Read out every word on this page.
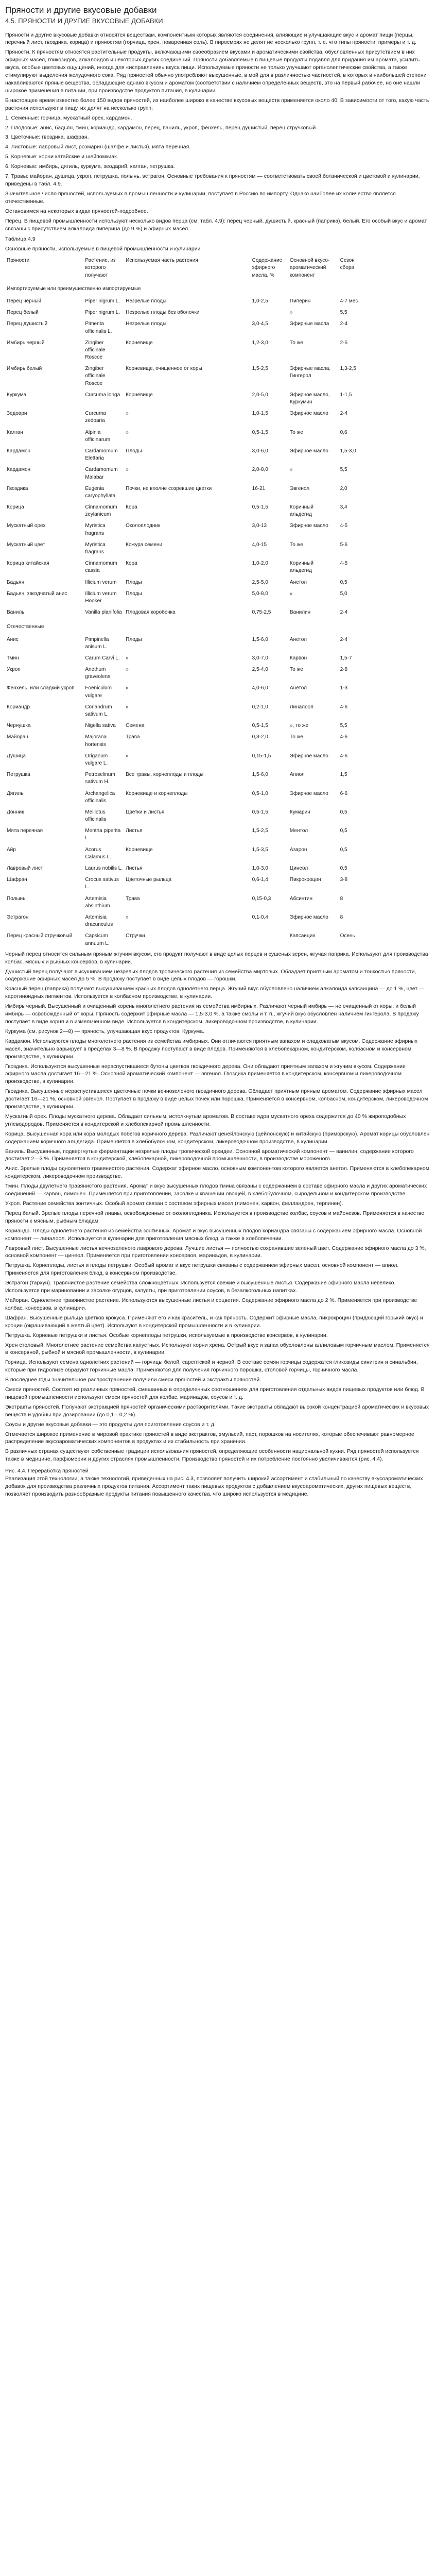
Пряности и другие вкусовые добавки
4.5. ПРЯНОСТИ И ДРУГИЕ ВКУСОВЫЕ ДОБАВКИ

Пряности и другие вкусовые добавки относятся веществам, компонентным которых являются соединения, влияющие и улучшающие вкус и аромат пищи (перцы, перечный лист, гвоздика, корица) и пряностям (горчица, хрен, поваренная соль). В пиросмрях не делят не несколько групп, т. е. что типы пряности, примеры и т. д.

Пряности. К пряностям относятся растительные продукты, включающими своеобразием вкусами и ароматическими свойства, обусловленных присутствием в них эфирных масел, гликозидов, алкалоидов и некоторых других соединений. Пряности добавляемые в пищевые продукты подавля для придания им аромата, усилить вкуса, особые цветовых ощущений, иногда для «исправления» вкуса пищи. Используемые пряности не только улучшают органолептические свойства, а также стимулируют выделения желудочного сока. Ряд пряностей обычно употребляют высушенные, в мой для в различностью частностей, в которых в наибольшей степени накапливаются пряные вещества, обладающие однако вкусом и ароматом (соответствии с наличием определенных веществ, это на первый рабочее, но оне нашли широкое применения в питании, при производстве продуктов питания, в кулинарии.

В настоящее время известно более 150 видов пряностей, из наиболее широко в качестве вкусовых веществ применяется около 40. В зависимости от того, какую часть растения используют в пищу, их делят на несколько групп:

1. Семенные: горчица, мускатный орех, кардамон.

2. Плодовые: анис, бадьян, тмин, кориандр, кардамон, перец, ваниль, укроп, фенхель, перец душистый, перец стручковый.

3. Цветочные: гвоздика, шафран.

4. Листовые: лавровый лист, розмарин (шалфе и листья), мята перечная.

5. Корневые: корни катайские и шейпомкиак.

6. Корневые: имбирь, дягиль, куркума, зеодарий, калган, петрушка.

7. Травы: майоран, душица, укроп, петрушка, полынь, эстрагон. Основные требования к пряностям — соответствовать своей ботанической и цветовой и кулинарии, приведены в табл. 4.9.

Значительное число пряностей, используемых в промышленности и кулинарии, поступает в Россию по импорту. Однако наиболее их количество является отечественные.

Остановимся на некоторых видах пряностей-подробнее.

Перец. В пищевой промышленности используют несколько видов перца (см. табл. 4.9): перец черный, душистый, красный (паприка), белый. Его особый вкус и аромат связаны с присутствием алкалоида пиперина (до 9 %) и эфирных масел.

Таблица 4.9

Основные пряности, используемые в пищевой промышленности и кулинарии

Пряности	Растение, из которого получают	Используемая часть растения	Содержание эфирного масла, %	Основной вкусо-ароматический компонент	Сезон сбора
Импортируемые или преимущественно импортируемые					
Перец черный	Piper nigrum L.	Незрелые плоды	1,0-2,5	Пиперин	4-7 мес
Перец белый	Piper nigrum L.	Незрелые плоды без оболочки		»	5,5
Перец душистый	Pimenta officinalis L.	Незрелые плоды	3,0-4,5	Эфирные масла	2-4
Имбирь черный	Zingiber officinale Roscoe	Корневище	1,2-3,0	То же	2-5
Имбирь белый	Zingiber officinale Roscoe	Корневище, очищенное от коры	1,5-2,5	Эфирные масла, Гингерол	1,3-2,5
Куркума	Curcuma longa	Корневище	2,0-5,0	Эфирное масло, Куркумин	1-1,5
Зедоари	Curcuma zedoaria	»	1,0-1,5	Эфирное масло	2-4
Калган	Alpinia officinarum	»	0,5-1,5	То же	0,6
Кардамон	Cardamomum Elettaria	Плоды	3,0-6,0	Эфирное масло	1,5-3,0
Кардамон	Cardamomum Malabar	»	2,0-8,0	»	5,5
Гвоздика	Eugenia caryophyllata	Почки, не вполне созревшие цветки	16-21	Эвгенол	2,0
Корица	Cinnamomum zeylanicum	Кора	0,5-1,5	Коричный альдегид	3,4
Мускатный орех	Myristica fragrans	Околоплодник	3,0-13	Эфирное масло	4-5
Мускатный цвет	Myristica fragrans	Кожура семени	4,0-15	То же	5-6
Корица китайская	Cinnamomum cassia	Кора	1,0-2,0	Коричный альдегид	4-5
Бадьян	Illicium verum	Плоды	2,5-5,0	Анетол	0,5
Бадьян, звездчатый анис	Illicium verum Hooker	Плоды	5,0-8,0	»	5,0
Ваниль	Vanilla planifolia	Плодовая коробочка	0,75-2,5	Ванилин	2-4
Отечественные					
Анис	Pimpinella anisum L.	Плоды	1,5-6,0	Анетол	2-4
Тмин	Carum Carvi L.	»	3,0-7,0	Карвон	1,5-7
Укроп	Anethum graveolens	»	2,5-4,0	То же	2-8
Фенхель, или сладкий укроп	Foeniculum vulgare	»	4,0-6,0	Анетол	1-3
Кориандр	Coriandrum sativum L.	»	0,2-1,0	Линалоол	4-6
Чернушка	Nigella sativa	Семена	0,5-1,5	», то же	5,5
Майоран	Majorana hortensis	Трава	0,3-2,0	То же	4-6
Душица	Origanum vulgare L.	»	0,15-1,5	Эфирное масло	4-6
Петрушка	Petroselinum sativum H.	Все травы, корнеплоды и плоды	1,5-6,0	Апиол	1,5
Дягиль	Archangelica officinalis	Корневище и корнеплоды	0,5-1,0	Эфирное масло	6-6
Донник	Melilotus officinalis	Цветки и листья	0,5-1,5	Кумарин	0,5
Мята перечная	Mentha piperita L.	Листья	1,5-2,5	Ментол	0,5
Айр	Acorus Calamus L.	Корневище	1,5-3,5	Азарон	0,5
Лавровый лист	Laurus nobilis L.	Листья	1,0-3,0	Цинеол	0,5
Шафран	Crocus sativus L.	Цветочные рыльца	0,6-1,4	Пикрокроцин	3-8
Полынь	Artemisia absinthium	Трава	0,15-0,3	Абсинтин	8
Эстрагон	Artemisia dracunculus	»	0,1-0,4	Эфирное масло	8
Перец красный стручковый	Capsicum annuum L.	Стручки		Капсаицин	Осень

Черный перец относится сильным пряным жгучим вкусом, его продукт получают в виде целых перцев и сушеных зерен, жгучая паприка. Используют для производства колбас, мясных и рыбных консервов, в кулинарии.

Душистый перец получают высушиванием незрелых плодов тропического растения из семейства миртовых. Обладает приятным ароматом и тонкостью пряности, содержание эфирных масел до 5 %. В продажу поступает в виде целых плодов — горошки.

Красный перец (паприка) получают высушиванием красных плодов однолетнего перца. Жгучий вкус обусловлено наличием алкалоида капсаицина — до 1 %, цвет — каротиноидных пигментов. Используется в колбасном производстве, в кулинарии.

Имбирь черный. Высушенный и очищенный корень многолетнего растения из семейства имбирных. Различают черный имбирь — не очищенный от коры, и белый имбирь — освобожденный от коры. Пряность содержит эфирные масла — 1,5-3,0 %, а также смолы и т. п., жгучий вкус обусловлен наличием гингерола. В продажу поступает в виде корня и в измельченном виде. Используется в кондитерском, ликероводочном производстве, в кулинарии.

Куркума (см. рисунок 2—8) — пряность, улучшающая вкус продуктов. Куркума.

Кардамон. Используются плоды многолетнего растения из семейства имбирных. Они отличаются приятным запахом и сладковатым вкусом. Содержание эфирных масел, значительно варьирует в пределах 3—8 %. В продажу поступают в виде плодов. Применяются в хлебопекарном, кондитерском, колбасном и консервном производстве, в кулинарии.

Гвоздика. Используются высушенные нераспустившиеся бутоны цветков гвоздичного дерева. Они обладают приятным запахом и жгучим вкусом. Содержание эфирного масла достигает 16—21 %. Основной ароматический компонент — эвгенол. Гвоздика применяется в кондитерском, консервном и ликероводочном производстве, в кулинарии.

Гвоздика. Высушенные нераспустившиеся цветочные почки вечнозеленого гвоздичного дерева. Обладает приятным пряным ароматом. Содержание эфирных масел достигает 16—21 %, основной эвгенол. Поступает в продажу в виде целых почек или порошка. Применяется в консервном, колбасном, кондитерском, ликероводочном производстве, в кулинарии.

Мускатный орех. Плоды мускатного дерева. Обладает сильным, истолкнутым ароматом. В составе ядра мускатного ореха содержится до 40 % жироподобных углеводородов. Применяется в кондитерской и хлебопекарной промышленности.

Корица. Высушенная кора или кора молодых побегов коричного дерева. Различают ценейлонскую (цейлонскую) и китайскую (приморскую). Аромат корицы обусловлен содержанием коричного альдегида. Применяется в хлебобулочном, кондитерском, ликероводочном производстве, в кулинарии.

Ваниль. Высушенные, подвергнутые ферментации незрелые плоды тропической орхидеи. Основной ароматический компонент — ванилин, содержание которого достигает 2—3 %. Применяется в кондитерской, хлебопекарной, ликероводочной промышленности, в производстве мороженого.

Анис. Зрелые плоды однолетнего травянистого растения. Содержат эфирное масло, основным компонентом которого является анетол. Применяются в хлебопекарном, кондитерском, ликероводочном производстве.

Тмин. Плоды двулетнего травянистого растения. Аромат и вкус высушенных плодов тмина связаны с содержанием в составе эфирного масла и других ароматических соединений — карвон, лимонен. Применяется при приготовлении, засолке и квашении овощей, в хлебобулочном, сыродельном и кондитерском производстве.

Укроп. Растение семейства зонтичных. Особый аромат связан с составом эфирных масел (лимонен, карвон, фелландрен, терпинен).

Перец белый. Зрелые плоды перечной лианы, освобожденные от околоплодника. Используется в производстве колбас, соусов и майонезов. Применяется в качестве пряности к мясным, рыбным блюдам.

Кориандр. Плоды однолетнего растения из семейства зонтичных. Аромат и вкус высушенных плодов кориандра связаны с содержанием эфирного масла. Основной компонент — линалоол. Используется в кулинарии для приготовления мясных блюд, а также в хлебопечении.

Лавровый лист. Высушенные листья вечнозеленого лаврового дерева. Лучшие листья — полностью сохранившие зеленый цвет. Содержание эфирного масла до 3 %, основной компонент — цинеол. Применяется при приготовлении консервов, маринадов, в кулинарии.

Петрушка. Корнеплоды, листья и плоды петрушки. Особый аромат и вкус петрушки связаны с содержанием эфирных масел, основной компонент — апиол. Применяется для приготовления блюд, в консервном производстве.

Эстрагон (тархун). Травянистое растение семейства сложноцветных. Используется свежие и высушенные листья. Содержание эфирного масла невелико. Используется при мариновании и засолке огурцов, капусты, при приготовлении соусов, в безалкогольных напитках.

Майоран. Однолетнее травянистое растение. Используются высушенные листья и соцветия. Содержание эфирного масла до 2 %. Применяется при производстве колбас, консервов, в кулинарии.

Шафран. Высушенные рыльца цветков крокуса. Применяют его и как краситель, и как пряность. Содержит эфирные масла, пикрокроцин (придающий горький вкус) и кроцин (окрашивающий в желтый цвет). Используют в кондитерской промышленности и в кулинарии.

Петрушка. Корневые петрушки и листья. Особые корнеплоды петрушки, используемые в производстве консервов, в кулинарии.

Хрен столовый. Многолетнее растение семейства капустных. Используют корни хрена. Острый вкус и запах обусловлены аллиловым горчичным маслом. Применяется в консервной, рыбной и мясной промышленности, в кулинарии.

Горчица. Используют семена однолетних растений — горчицы белой, сарептской и черной. В составе семян горчицы содержатся гликозиды синигрин и синальбин, которые при гидролизе образуют горчичные масла. Применяются для получения горчичного порошка, столовой горчицы, горчичного масла.

В последнее годы значительное распространение получили смеси пряностей и экстракты пряностей.

Смеси пряностей. Состоят из различных пряностей, смешанных в определенных соотношениях для приготовления отдельных видов пищевых продуктов или блюд. В пищевой промышленности используют смеси пряностей для колбас, маринадов, соусов и т. д.

Экстракты пряностей. Получают экстракцией пряностей органическими растворителями. Такие экстракты обладают высокой концентрацией ароматических и вкусовых веществ и удобны при дозировании (до 0,1—0,2 %).

Соусы и другие вкусовые добавки — это продукты для приготовления соусов и т. д.

Отмечается широкое применение в мировой практике пряностей в виде экстрактов, эмульсий, паст, порошков на носителях, которые обеспечивают равномерное распределение вкусоароматических компонентов в продуктах и их стабильность при хранении.

В различных странах существуют собственные традиции использования пряностей, определяющие особенности национальной кухни. Ряд пряностей используется также в медицине, парфюмерии и других отраслях промышленности. Производство пряностей и их потребление постоянно увеличиваются (рис. 4.4).

Рис. 4.4. Переработка пряностей

Реализация этой технологии, а также технологий, приведенных на рис. 4.3, позволяет получить широкий ассортимент и стабильный по качеству вкусоароматических добавок для производства различных продуктов питания. Ассортимент таких пищевых продуктов с добавлением вкусоароматических, других пищевых веществ, позволяет производить разнообразные продукты питания повышенного качества, что широко используется в медицине.
